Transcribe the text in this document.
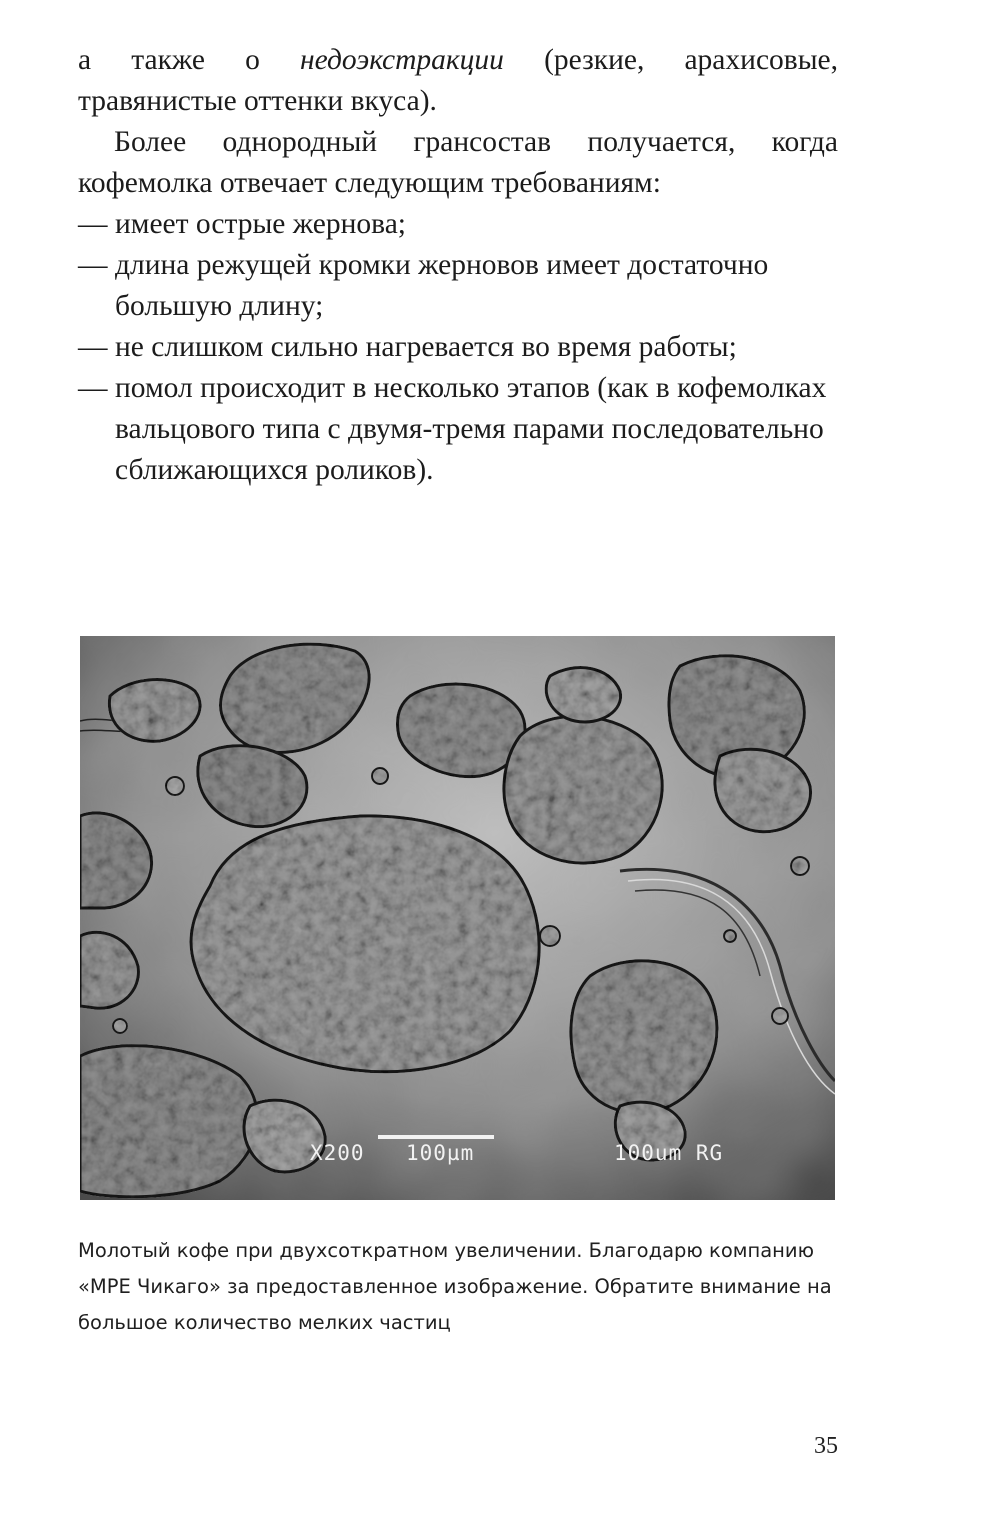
а также о недоэкстракции (резкие, арахисовые, травянистые оттенки вкуса).

Более однородный грансостав получается, когда кофемолка отвечает следующим требованиям:

— имеет острые жернова;
— длина режущей кромки жерновов имеет достаточно большую длину;
— не слишком сильно нагревается во время работы;
— помол происходит в несколько этапов (как в кофемолках вальцового типа с двумя-тремя парами последовательно сближающихся роликов).
X200 100µm	100um RG

Молотый кофе при двухсоткратном увеличении. Благодарю компанию «MPE Чикаго» за предоставленное изображение. Обратите внимание на большое количество мелких частиц

35
